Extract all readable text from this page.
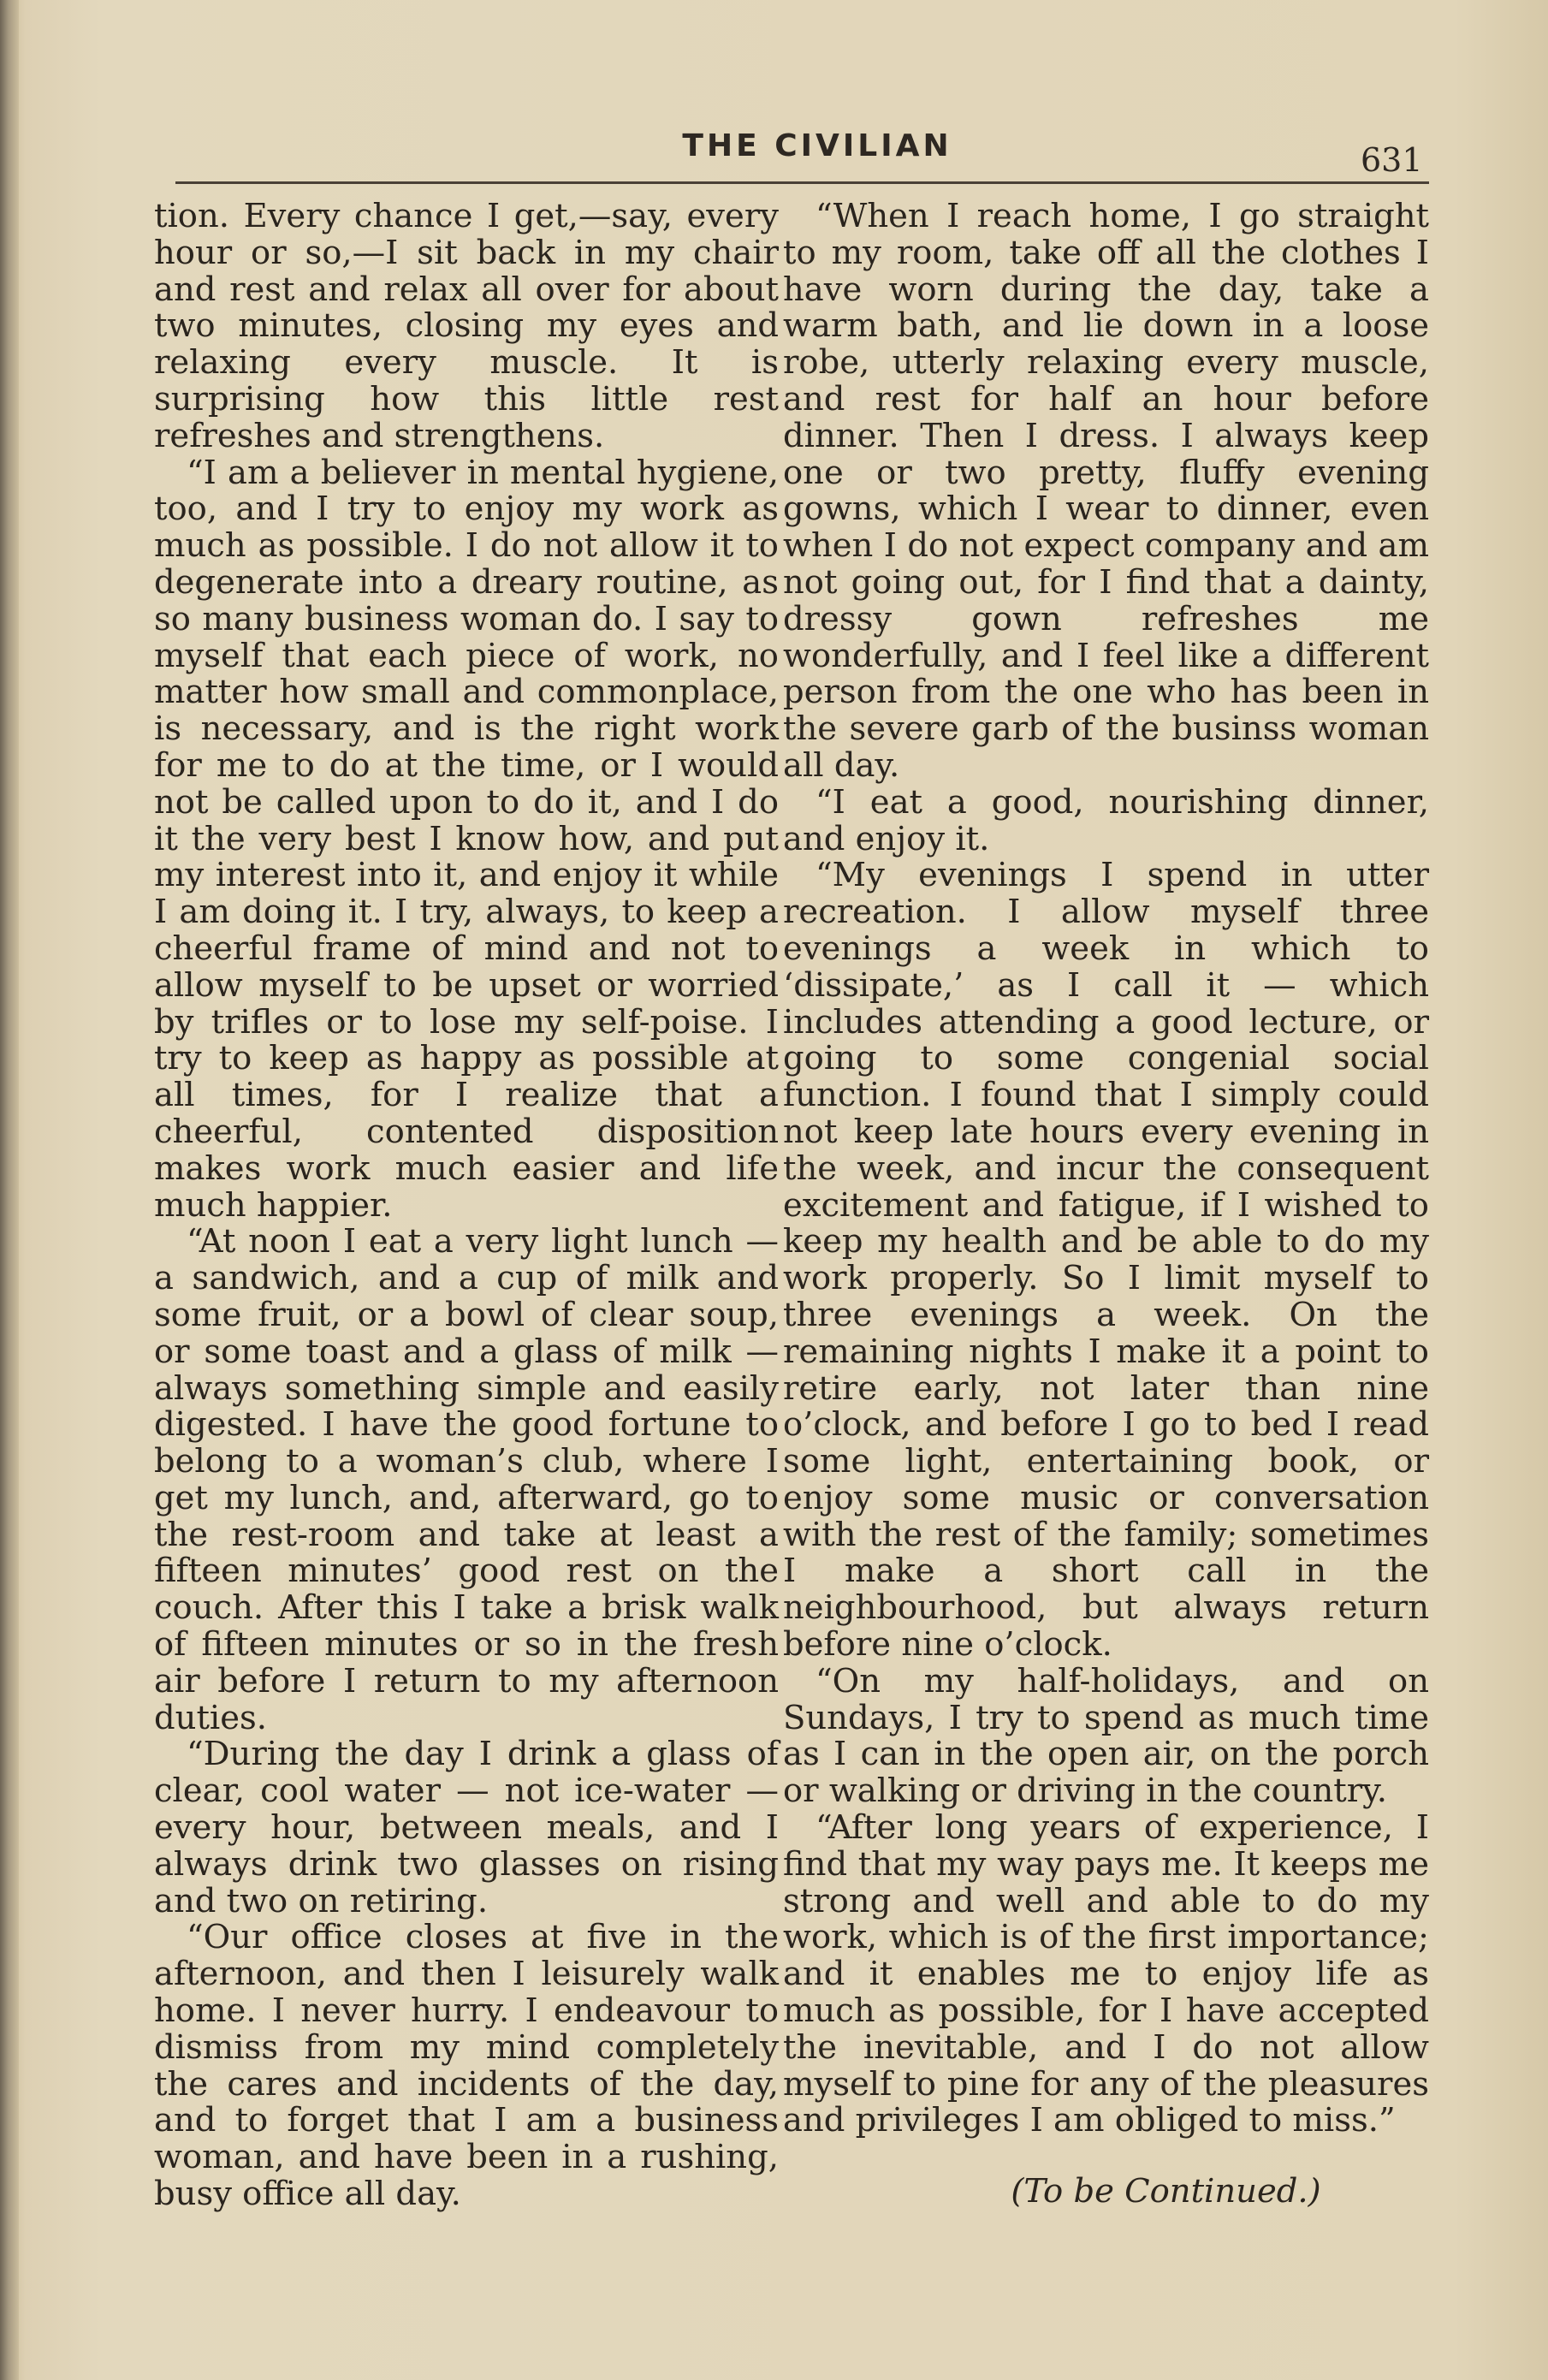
THE CIVILIAN	631

tion. Every chance I get,—say, every hour or so,—I sit back in my chair and rest and relax all over for about two minutes, closing my eyes and relaxing every muscle. It is surprising how this little rest refreshes and strengthens.

“I am a believer in mental hygiene, too, and I try to enjoy my work as much as possible. I do not allow it to degenerate into a dreary routine, as so many business woman do. I say to myself that each piece of work, no matter how small and commonplace, is necessary, and is the right work for me to do at the time, or I would not be called upon to do it, and I do it the very best I know how, and put my interest into it, and enjoy it while I am doing it. I try, always, to keep a cheerful frame of mind and not to allow myself to be upset or worried by trifles or to lose my self-poise. I try to keep as happy as possible at all times, for I realize that a cheerful, contented disposition makes work much easier and life much happier.

“At noon I eat a very light lunch —a sandwich, and a cup of milk and some fruit, or a bowl of clear soup, or some toast and a glass of milk — always something simple and easily digested. I have the good fortune to belong to a woman’s club, where I get my lunch, and, afterward, go to the rest-room and take at least a fifteen minutes’ good rest on the couch. After this I take a brisk walk of fifteen minutes or so in the fresh air before I return to my afternoon duties.

“During the day I drink a glass of clear, cool water — not ice-water — every hour, between meals, and I always drink two glasses on rising and two on retiring.

“Our office closes at five in the afternoon, and then I leisurely walk home. I never hurry. I endeavour to dismiss from my mind completely the cares and incidents of the day, and to forget that I am a business woman, and have been in a rushing, busy office all day.

“When I reach home, I go straight to my room, take off all the clothes I have worn during the day, take a warm bath, and lie down in a loose robe, utterly relaxing every muscle, and rest for half an hour before dinner. Then I dress. I always keep one or two pretty, fluffy evening gowns, which I wear to dinner, even when I do not expect company and am not going out, for I find that a dainty, dressy gown refreshes me wonderfully, and I feel like a different person from the one who has been in the severe garb of the businss woman all day.

“I eat a good, nourishing dinner, and enjoy it.

“My evenings I spend in utter recreation. I allow myself three evenings a week in which to ‘dissipate,’ as I call it — which includes attending a good lecture, or going to some congenial social function. I found that I simply could not keep late hours every evening in the week, and incur the consequent excitement and fatigue, if I wished to keep my health and be able to do my work properly. So I limit myself to three evenings a week. On the remaining nights I make it a point to retire early, not later than nine o’clock, and before I go to bed I read some light, entertaining book, or enjoy some music or conversation with the rest of the family; sometimes I make a short call in the neighbourhood, but always return before nine o’clock.

“On my half-holidays, and on Sundays, I try to spend as much time as I can in the open air, on the porch or walking or driving in the country.

“After long years of experience, I find that my way pays me. It keeps me strong and well and able to do my work, which is of the first importance; and it enables me to enjoy life as much as possible, for I have accepted the inevitable, and I do not allow myself to pine for any of the pleasures and privileges I am obliged to miss.”

(To be Continued.)
